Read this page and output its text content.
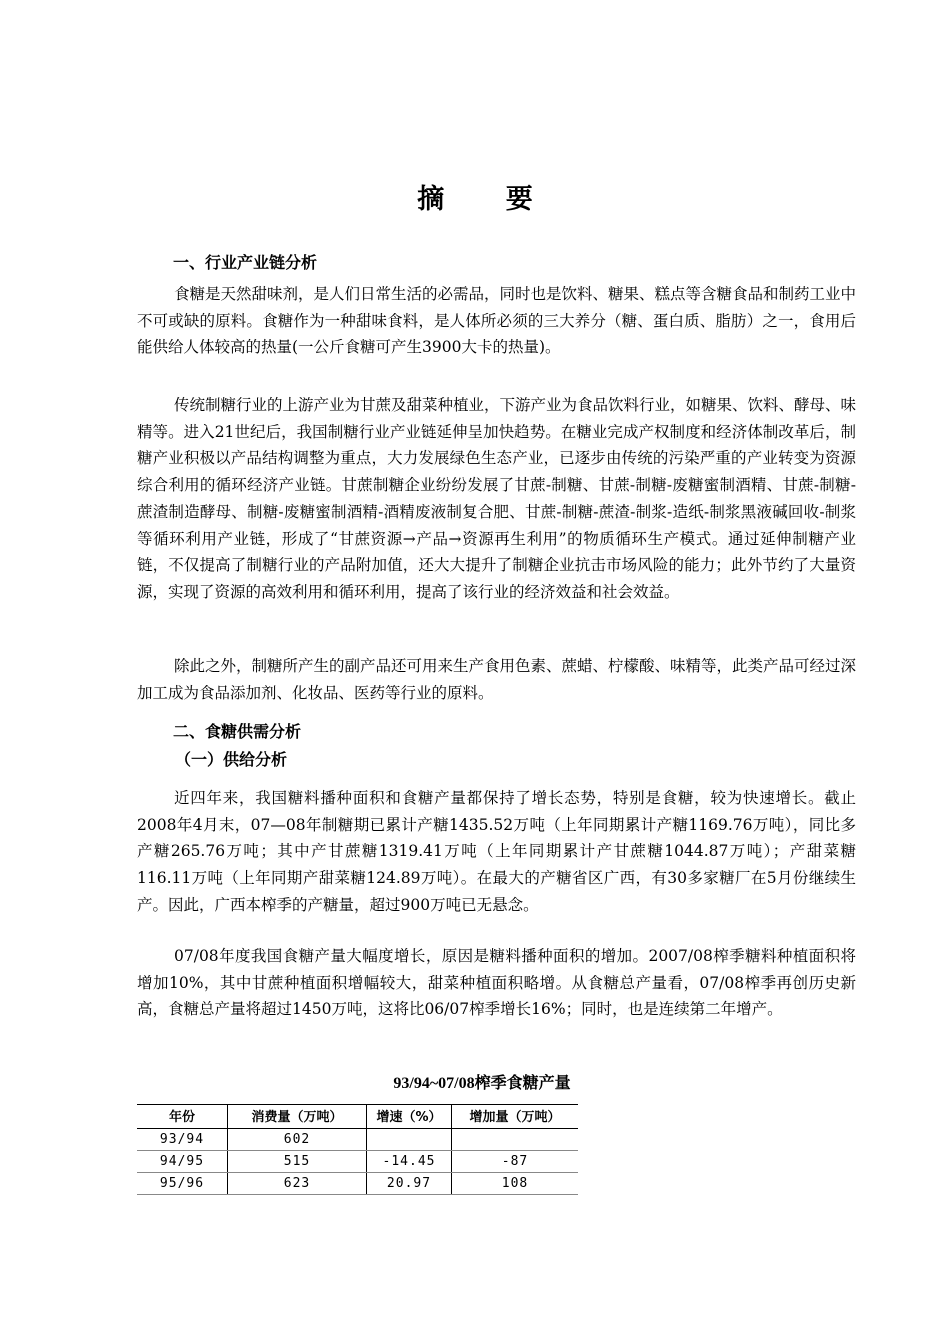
摘 要
一、行业产业链分析

食糖是天然甜味剂，是人们日常生活的必需品，同时也是饮料、糖果、糕点等含糖食品和制药工业中不可或缺的原料。食糖作为一种甜味食料，是人体所必须的三大养分（糖、蛋白质、脂肪）之一，食用后能供给人体较高的热量(一公斤食糖可产生3900大卡的热量)。

传统制糖行业的上游产业为甘蔗及甜菜种植业，下游产业为食品饮料行业，如糖果、饮料、酵母、味精等。进入21世纪后，我国制糖行业产业链延伸呈加快趋势。在糖业完成产权制度和经济体制改革后，制糖产业积极以产品结构调整为重点，大力发展绿色生态产业，已逐步由传统的污染严重的产业转变为资源综合利用的循环经济产业链。甘蔗制糖企业纷纷发展了甘蔗-制糖、甘蔗-制糖-废糖蜜制酒精、甘蔗-制糖-蔗渣制造酵母、制糖-废糖蜜制酒精-酒精废液制复合肥、甘蔗-制糖-蔗渣-制浆-造纸-制浆黑液碱回收-制浆等循环利用产业链，形成了“甘蔗资源→产品→资源再生利用”的物质循环生产模式。通过延伸制糖产业链，不仅提高了制糖行业的产品附加值，还大大提升了制糖企业抗击市场风险的能力；此外节约了大量资源，实现了资源的高效利用和循环利用，提高了该行业的经济效益和社会效益。

除此之外，制糖所产生的副产品还可用来生产食用色素、蔗蜡、柠檬酸、味精等，此类产品可经过深加工成为食品添加剂、化妆品、医药等行业的原料。

二、食糖供需分析
（一）供给分析

近四年来，我国糖料播种面积和食糖产量都保持了增长态势，特别是食糖，较为快速增长。截止2008年4月末，07—08年制糖期已累计产糖1435.52万吨（上年同期累计产糖1169.76万吨），同比多产糖265.76万吨；其中产甘蔗糖1319.41万吨（上年同期累计产甘蔗糖1044.87万吨）；产甜菜糖116.11万吨（上年同期产甜菜糖124.89万吨）。在最大的产糖省区广西，有30多家糖厂在5月份继续生产。因此，广西本榨季的产糖量，超过900万吨已无悬念。

07/08年度我国食糖产量大幅度增长，原因是糖料播种面积的增加。2007/08榨季糖料种植面积将增加10%，其中甘蔗种植面积增幅较大，甜菜种植面积略增。从食糖总产量看，07/08榨季再创历史新高，食糖总产量将超过1450万吨，这将比06/07榨季增长16%；同时，也是连续第二年增产。

93/94~07/08榨季食糖产量
年份	消费量（万吨）	增速（%）	增加量（万吨）
93/94	602		
94/95	515	-14.45	-87
95/96	623	20.97	108
